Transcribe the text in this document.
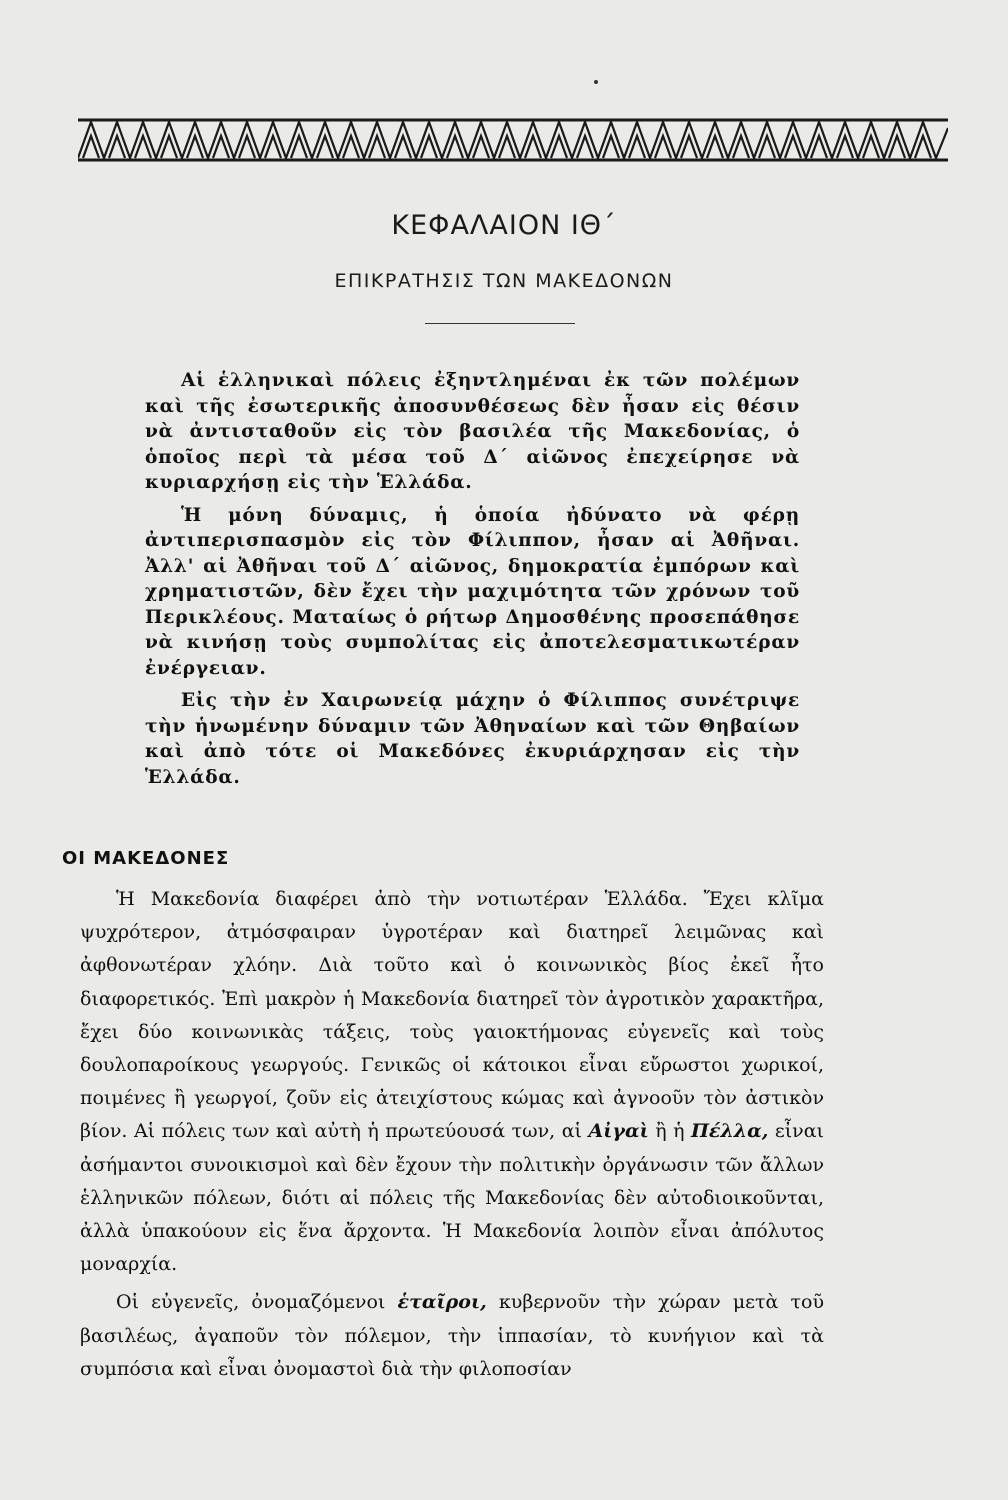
ΚΕΦΑΛΑΙΟΝ ΙΘ΄
ΕΠΙΚΡΑΤΗΣΙΣ ΤΩΝ ΜΑΚΕΔΟΝΩΝ

Αἱ ἑλληνικαὶ πόλεις ἐξηντλημέναι ἐκ τῶν πολέμων καὶ τῆς ἐσωτερικῆς ἀποσυνθέσεως δὲν ἦσαν εἰς θέσιν νὰ ἀντισταθοῦν εἰς τὸν βασιλέα τῆς Μακεδονίας, ὁ ὁποῖος περὶ τὰ μέσα τοῦ Δ΄ αἰῶνος ἐπεχείρησε νὰ κυριαρχήσῃ εἰς τὴν Ἑλλάδα.

Ἡ μόνη δύναμις, ἡ ὁποία ἠδύνατο νὰ φέρῃ ἀντιπερισπασμὸν εἰς τὸν Φίλιππον, ἦσαν αἱ Ἀθῆναι. Ἀλλ' αἱ Ἀθῆναι τοῦ Δ΄ αἰῶνος, δημοκρατία ἐμπόρων καὶ χρηματιστῶν, δὲν ἔχει τὴν μαχιμότητα τῶν χρόνων τοῦ Περικλέους. Ματαίως ὁ ρήτωρ Δημοσθένης προσεπάθησε νὰ κινήσῃ τοὺς συμπολίτας εἰς ἀποτελεσματικωτέραν ἐνέργειαν.

Εἰς τὴν ἐν Χαιρωνείᾳ μάχην ὁ Φίλιππος συνέτριψε τὴν ἡνωμένην δύναμιν τῶν Ἀθηναίων καὶ τῶν Θηβαίων καὶ ἀπὸ τότε οἱ Μακεδόνες ἐκυριάρχησαν εἰς τὴν Ἑλλάδα.

ΟΙ ΜΑΚΕΔΟΝΕΣ

Ἡ Μακεδονία διαφέρει ἀπὸ τὴν νοτιωτέραν Ἑλλάδα. Ἔχει κλῖμα ψυχρότερον, ἀτμόσφαιραν ὑγροτέραν καὶ διατηρεῖ λειμῶνας καὶ ἀφθονωτέραν χλόην. Διὰ τοῦτο καὶ ὁ κοινωνικὸς βίος ἐκεῖ ἦτο διαφορετικός. Ἐπὶ μακρὸν ἡ Μακεδονία διατηρεῖ τὸν ἀγροτικὸν χαρακτῆρα, ἔχει δύο κοινωνικὰς τάξεις, τοὺς γαιοκτήμονας εὐγενεῖς καὶ τοὺς δουλοπαροίκους γεωργούς. Γενικῶς οἱ κάτοικοι εἶναι εὔρωστοι χωρικοί, ποιμένες ἢ γεωργοί, ζοῦν εἰς ἀτειχίστους κώμας καὶ ἀγνοοῦν τὸν ἀστικὸν βίον. Αἱ πόλεις των καὶ αὐτὴ ἡ πρωτεύουσά των, αἱ Αἰγαὶ ἢ ἡ Πέλλα, εἶναι ἀσήμαντοι συνοικισμοὶ καὶ δὲν ἔχουν τὴν πολιτικὴν ὀργάνωσιν τῶν ἄλλων ἑλληνικῶν πόλεων, διότι αἱ πόλεις τῆς Μακεδονίας δὲν αὐτοδιοικοῦνται, ἀλλὰ ὑπακούουν εἰς ἕνα ἄρχοντα. Ἡ Μακεδονία λοιπὸν εἶναι ἀπόλυτος μοναρχία.

Οἱ εὐγενεῖς, ὀνομαζόμενοι ἑταῖροι, κυβερνοῦν τὴν χώραν μετὰ τοῦ βασιλέως, ἀγαποῦν τὸν πόλεμον, τὴν ἱππασίαν, τὸ κυνήγιον καὶ τὰ συμπόσια καὶ εἶναι ὀνομαστοὶ διὰ τὴν φιλοποσίαν
